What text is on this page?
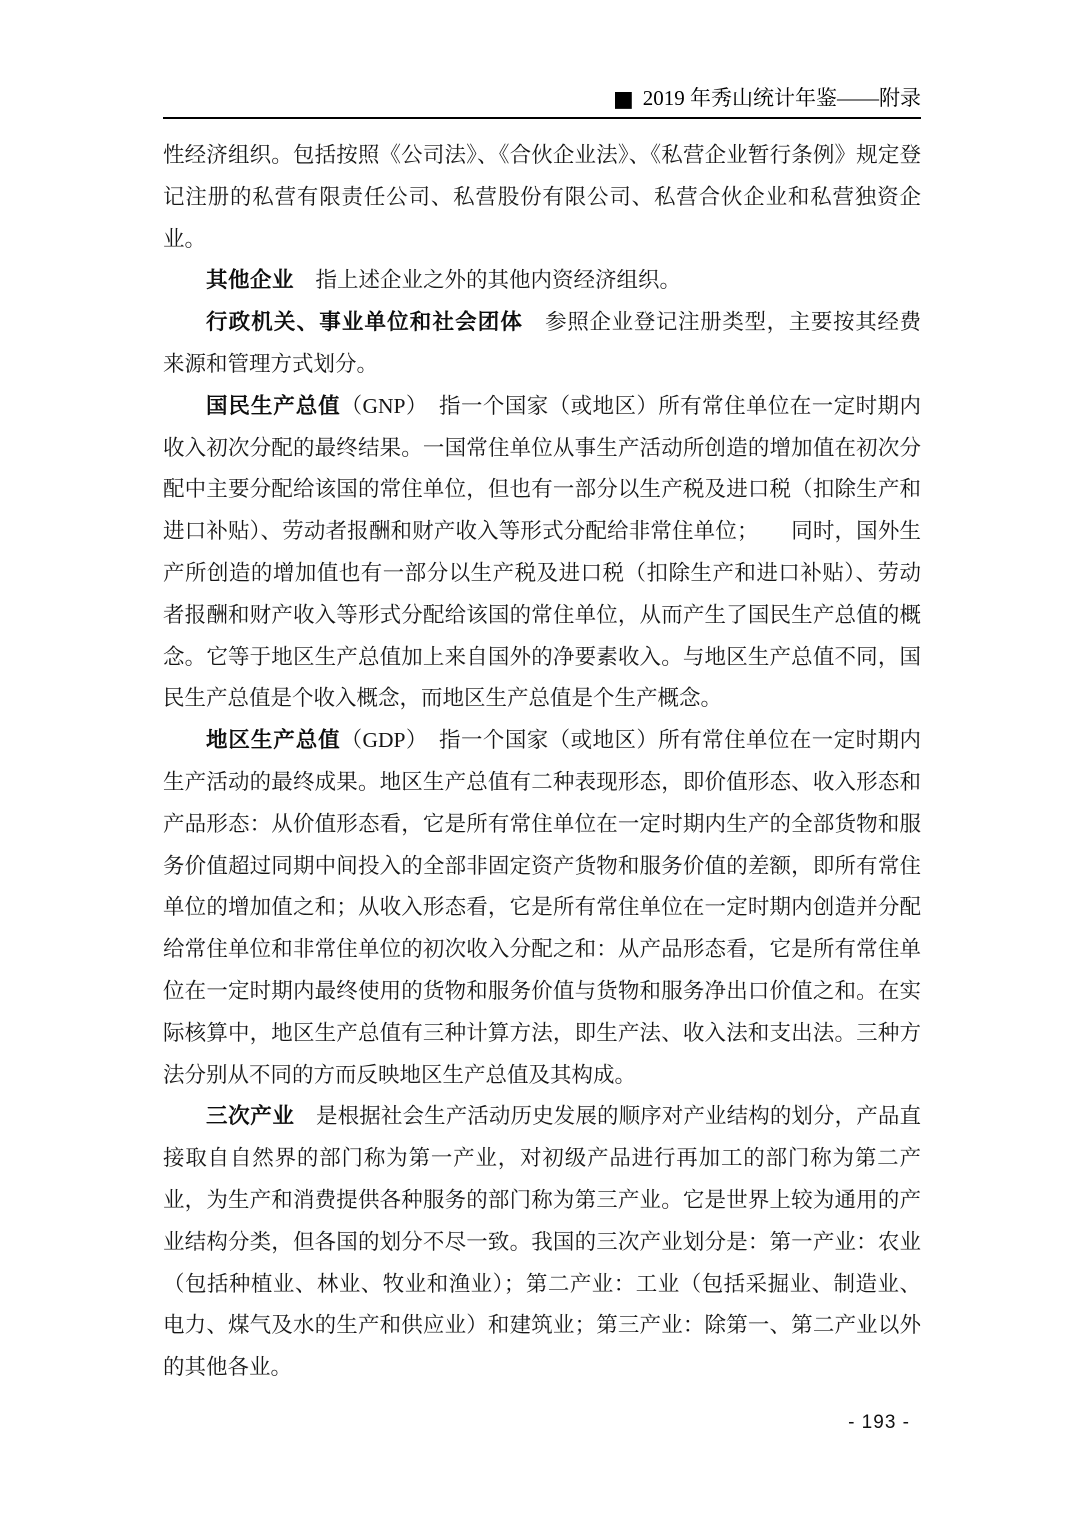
■ 2019 年秀山统计年鉴——附录

性经济组织。包括按照《公司法》、《合伙企业法》、《私营企业暂行条例》规定登记注册的私营有限责任公司、私营股份有限公司、私营合伙企业和私营独资企业。

其他企业　指上述企业之外的其他内资经济组织。

行政机关、事业单位和社会团体　参照企业登记注册类型，主要按其经费来源和管理方式划分。

国民生产总值（GNP）　指一个国家（或地区）所有常住单位在一定时期内收入初次分配的最终结果。一国常住单位从事生产活动所创造的增加值在初次分配中主要分配给该国的常住单位，但也有一部分以生产税及进口税（扣除生产和进口补贴）、劳动者报酬和财产收入等形式分配给非常住单位；　　同时，国外生产所创造的增加值也有一部分以生产税及进口税（扣除生产和进口补贴）、劳动者报酬和财产收入等形式分配给该国的常住单位，从而产生了国民生产总值的概念。它等于地区生产总值加上来自国外的净要素收入。与地区生产总值不同，国民生产总值是个收入概念，而地区生产总值是个生产概念。

地区生产总值（GDP）　指一个国家（或地区）所有常住单位在一定时期内生产活动的最终成果。地区生产总值有二种表现形态，即价值形态、收入形态和产品形态：从价值形态看，它是所有常住单位在一定时期内生产的全部货物和服务价值超过同期中间投入的全部非固定资产货物和服务价值的差额，即所有常住单位的增加值之和；从收入形态看，它是所有常住单位在一定时期内创造并分配给常住单位和非常住单位的初次收入分配之和：从产品形态看，它是所有常住单位在一定时期内最终使用的货物和服务价值与货物和服务净出口价值之和。在实际核算中，地区生产总值有三种计算方法，即生产法、收入法和支出法。三种方法分别从不同的方而反映地区生产总值及其构成。

三次产业　是根据社会生产活动历史发展的顺序对产业结构的划分，产品直接取自自然界的部门称为第一产业，对初级产品进行再加工的部门称为第二产业，为生产和消费提供各种服务的部门称为第三产业。它是世界上较为通用的产业结构分类，但各国的划分不尽一致。我国的三次产业划分是：第一产业：农业（包括种植业、林业、牧业和渔业）；第二产业：工业（包括采掘业、制造业、电力、煤气及水的生产和供应业）和建筑业；第三产业：除第一、第二产业以外的其他各业。

- 193 -
